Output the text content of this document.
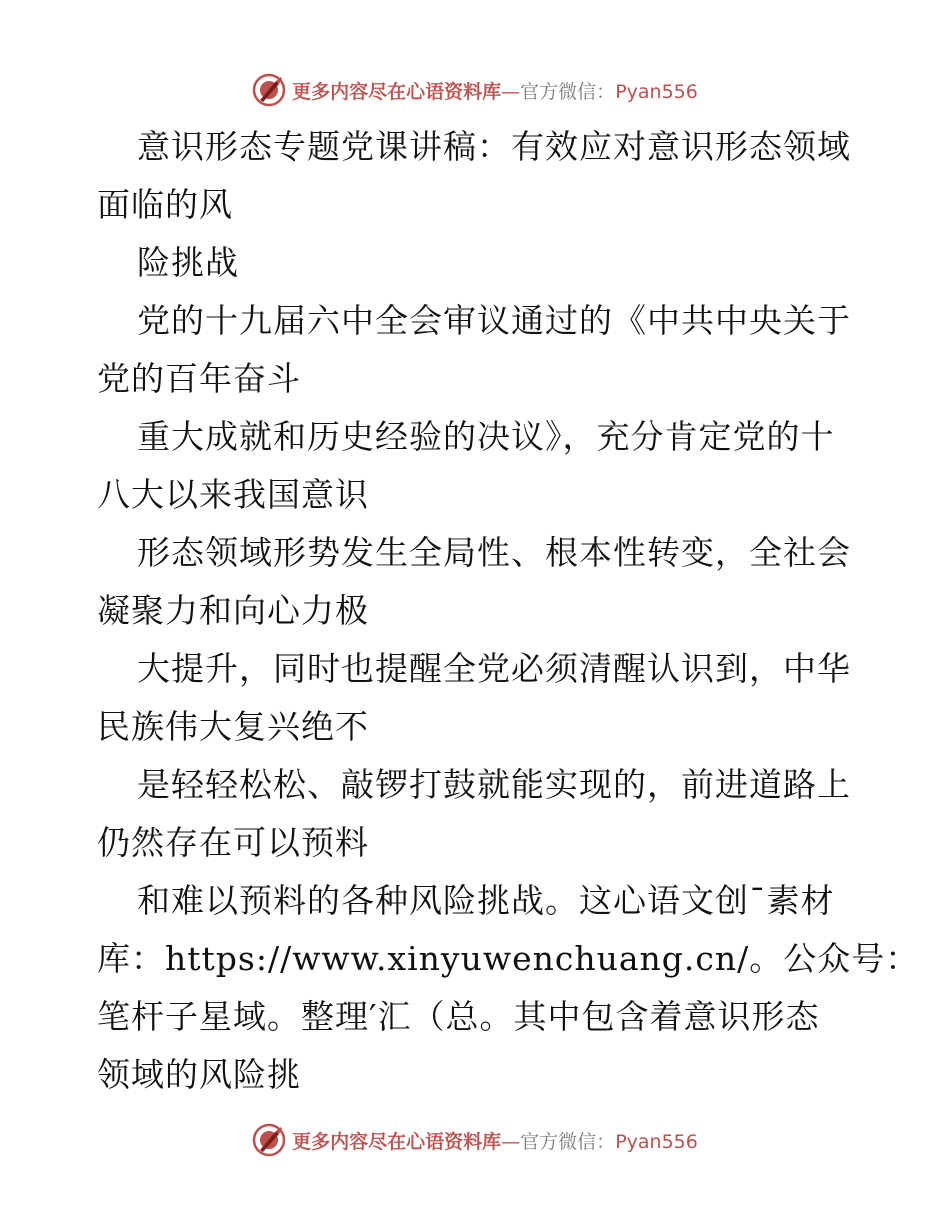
更多内容尽在心语资料库—官方微信：Pyan556
意识形态专题党课讲稿：有效应对意识形态领域
面临的风
险挑战
党的十九届六中全会审议通过的《中共中央关于
党的百年奋斗
重大成就和历史经验的决议》，充分肯定党的十
八大以来我国意识
形态领域形势发生全局性、根本性转变，全社会
凝聚力和向心力极
大提升，同时也提醒全党必须清醒认识到，中华
民族伟大复兴绝不
是轻轻松松、敲锣打鼓就能实现的，前进道路上
仍然存在可以预料
和难以预料的各种风险挑战。这心语文创¯素材
库：https://www.xinyuwenchuang.cn/。公众号：
笔杆子星域。整理′汇（总。其中包含着意识形态
领域的风险挑
更多内容尽在心语资料库—官方微信：Pyan556
